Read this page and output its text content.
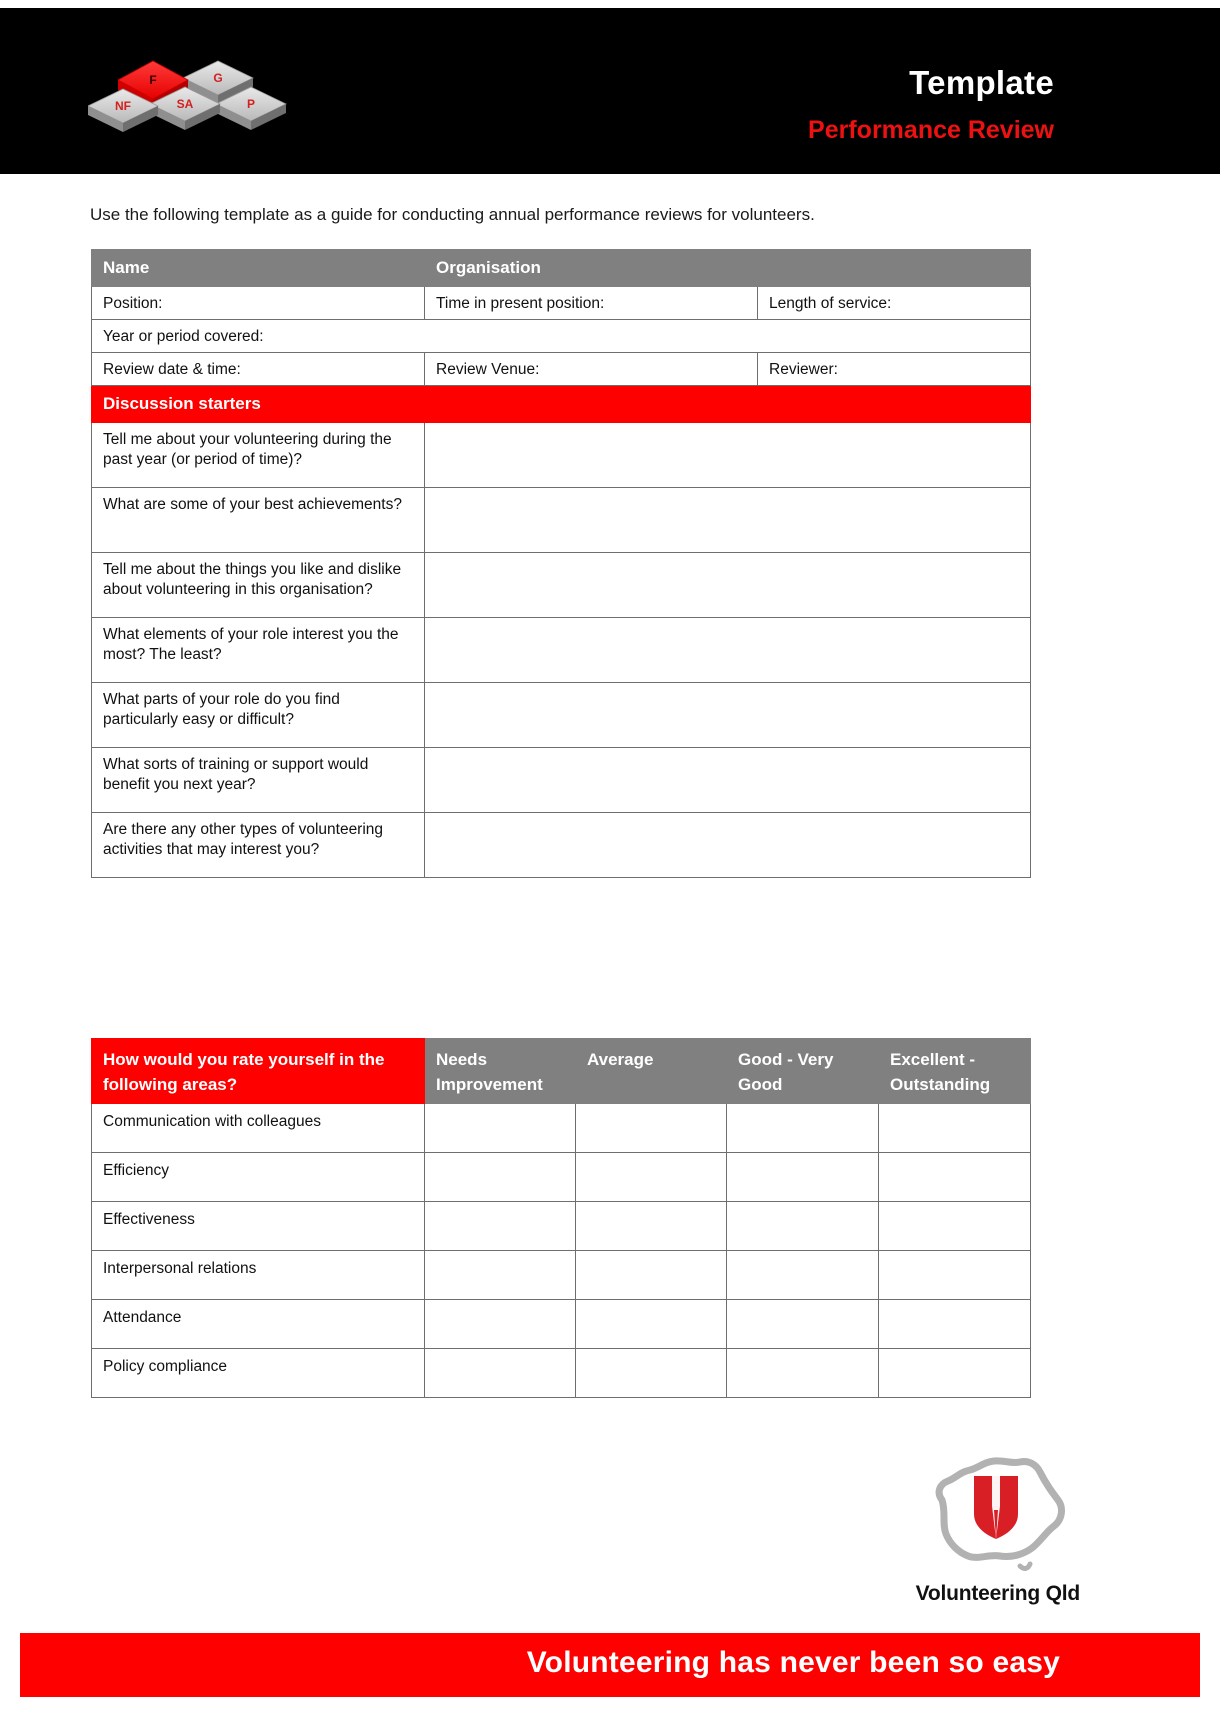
G
F
P
SA
NF
Template
Performance Review
Use the following template as a guide for conducting annual performance reviews for volunteers.
Name	Organisation	
Position:	Time in present position:	Length of service:
Year or period covered:		
Review date & time:	Review Venue:	Reviewer:
Discussion starters		
Tell me about your volunteering during the past year (or period of time)?		
What are some of your best achievements?		
Tell me about the things you like and dislike about volunteering in this organisation?		
What elements of your role interest you the most? The least?		
What parts of your role do you find particularly easy or difficult?		
What sorts of training or support would benefit you next year?		
Are there any other types of volunteering activities that may interest you?		
How would you rate yourself in the following areas?	Needs Improvement	Average	Good - Very Good	Excellent - Outstanding
Communication with colleagues				
Efficiency				
Effectiveness				
Interpersonal relations				
Attendance				
Policy compliance				
Volunteering Qld
Volunteering has never been so easy
